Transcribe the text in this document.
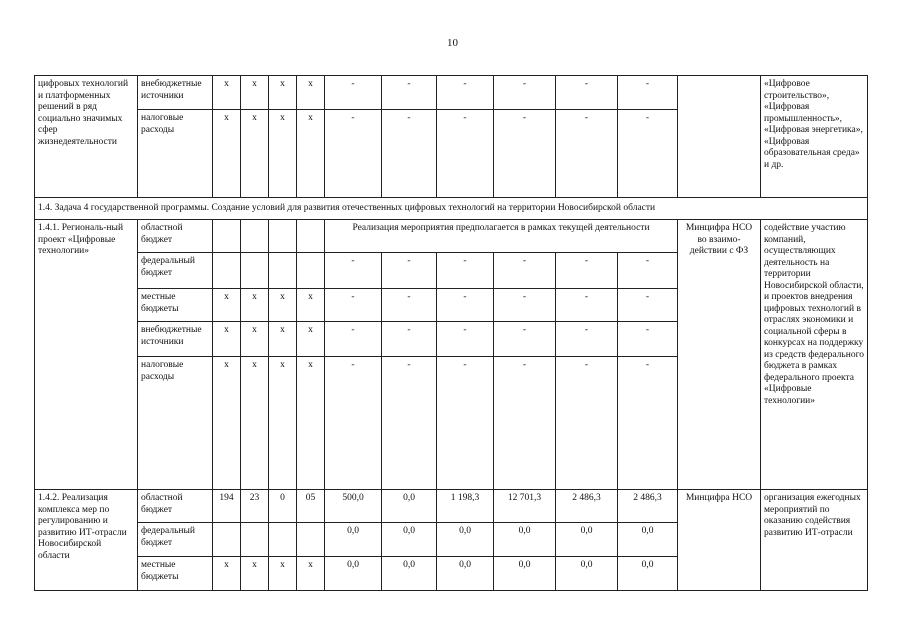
10
цифровых технологий и платформенных решений в ряд социально значимых сфер жизнедеятельности	внебюджетные источники	х	х	х	х	-	-	-	-	-	-		«Цифровое строительство», «Цифровая промышленность», «Цифровая энергетика», «Цифровая образовательная среда» и др.
	налоговые расходы	х	х	х	х	-	-	-	-	-	-		
1.4. Задача 4 государственной программы. Создание условий для развития отечественных цифровых технологий на территории Новосибирской области													
1.4.1. Региональ-ный проект «Цифровые технологии»	областной бюджет					Реализация мероприятия предполагается в рамках текущей деятельности						Минцифра НСО во взаимо-действии с ФЗ	содействие участию компаний, осуществляющих деятельность на территории Новосибирской области, и проектов внедрения цифровых технологий в отраслях экономики и социальной сферы в конкурсах на поддержку из средств федерального бюджета в рамках федерального проекта «Цифровые технологии»
	федеральный бюджет					-	-	-	-	-	-		
	местные бюджеты	х	х	х	х	-	-	-	-	-	-		
	внебюджетные источники	х	х	х	х	-	-	-	-	-	-		
	налоговые расходы	х	х	х	х	-	-	-	-	-	-		
1.4.2. Реализация комплекса мер по регулированию и развитию ИТ-отрасли Новосибирской области	областной бюджет	194	23	0	05	500,0	0,0	1 198,3	12 701,3	2 486,3	2 486,3	Минцифра НСО	организация ежегодных мероприятий по оказанию содействия развитию ИТ-отрасли
	федеральный бюджет					0,0	0,0	0,0	0,0	0,0	0,0		
	местные бюджеты	х	х	х	х	0,0	0,0	0,0	0,0	0,0	0,0		
